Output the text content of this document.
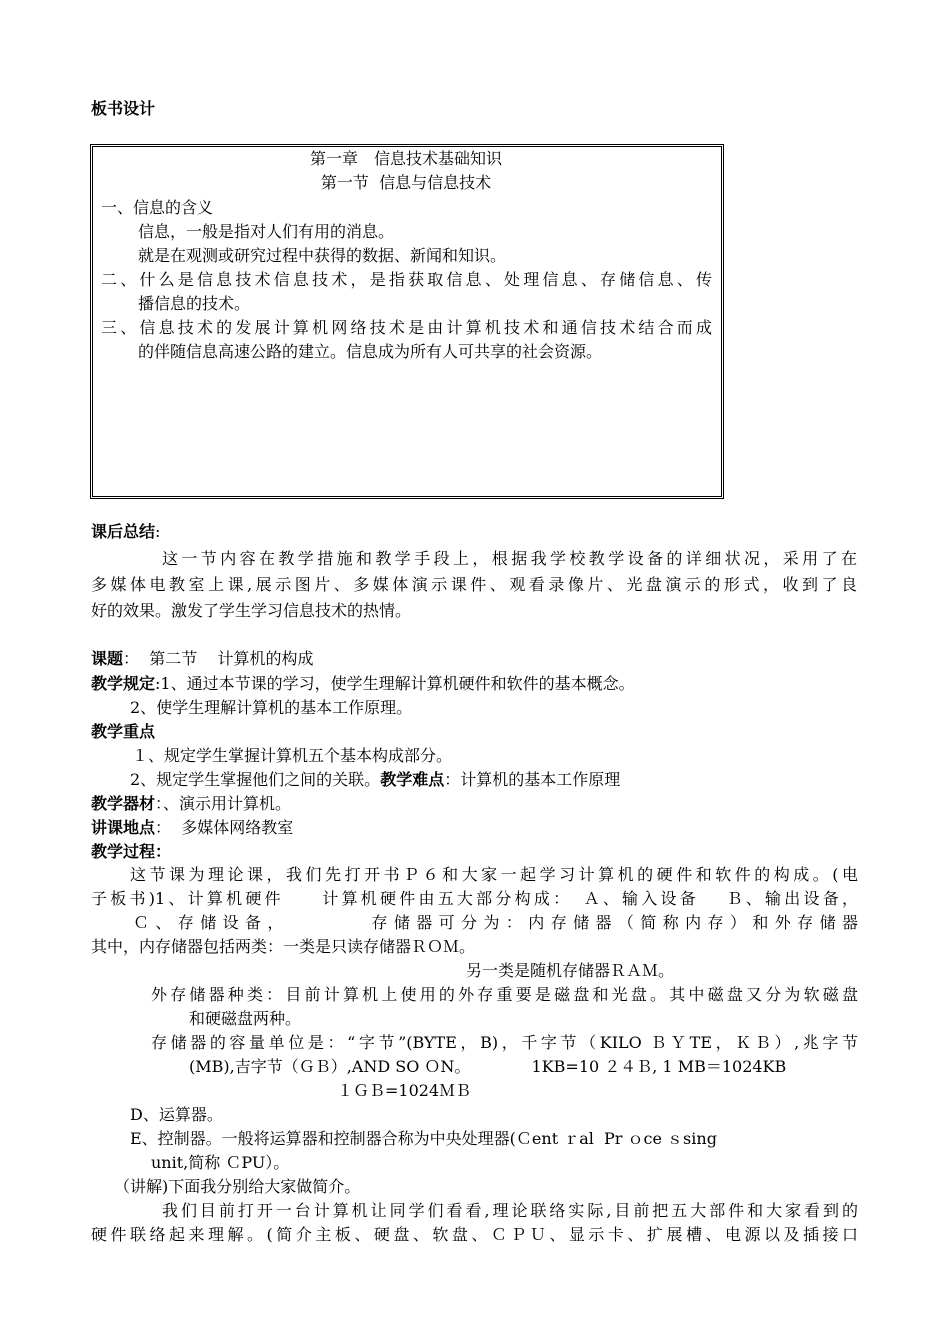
板书设计
第一章　信息技术基础知识
第一节  信息与信息技术
一、信息的含义
信息，一般是指对人们有用的消息。
就是在观测或研究过程中获得的数据、新闻和知识。
二、什么是信息技术信息技术，是指获取信息、处理信息、存储信息、传
播信息的技术。
三、信息技术的发展计算机网络技术是由计算机技术和通信技术结合而成
的伴随信息高速公路的建立。信息成为所有人可共享的社会资源。
课后总结:
这一节内容在教学措施和教学手段上，根据我学校教学设备的详细状况，采用了在
多媒体电教室上课,展示图片、多媒体演示课件、观看录像片、光盘演示的形式，收到了良
好的效果。激发了学生学习信息技术的热情。
课题：  第二节    计算机的构成
教学规定:1、通过本节课的学习，使学生理解计算机硬件和软件的基本概念。
2、使学生理解计算机的基本工作原理。
教学重点
１、规定学生掌握计算机五个基本构成部分。
2、规定学生掌握他们之间的关联。教学难点：计算机的基本工作原理
教学器材：、演示用计算机。
讲课地点：  多媒体网络教室
教学过程：
这节课为理论课，我们先打开书Ｐ６和大家一起学习计算机的硬件和软件的构成。(电
子板书)1、计算机硬件　　计算机硬件由五大部分构成：　Ａ、输入设备　 Ｂ、输出设备，
Ｃ、存储设备，　　　　存储器可分为：内存储器（简称内存）和外存储器
其中，内存储器包括两类：一类是只读存储器ＲＯＭ。
另一类是随机存储器ＲＡＭ。
外存储器种类：目前计算机上使用的外存重要是磁盘和光盘。其中磁盘又分为软磁盘
和硬磁盘两种。
存储器的容量单位是：“字节”(BYTE，B)，千字节（KILO ＢＹTE，ＫＢ）,兆字节
(MB),吉字节（ＧＢ）,AND SO ＯN。　　　　 1KB=10 ２４Ｂ, 1 MB＝1024KB
１ＧＢ=1024ＭＢ
D、运算器。
E、控制器。一般将运算器和控制器合称为中央处理器(Ｃent ｒal  Pr ｏce ｓsing
unit,简称 ＣPU）。
（讲解)下面我分别给大家做简介。
我们目前打开一台计算机让同学们看看,理论联络实际,目前把五大部件和大家看到的
硬件联络起来理解。(简介主板、硬盘、软盘、ＣＰＵ、显示卡、扩展槽、电源以及插接口
